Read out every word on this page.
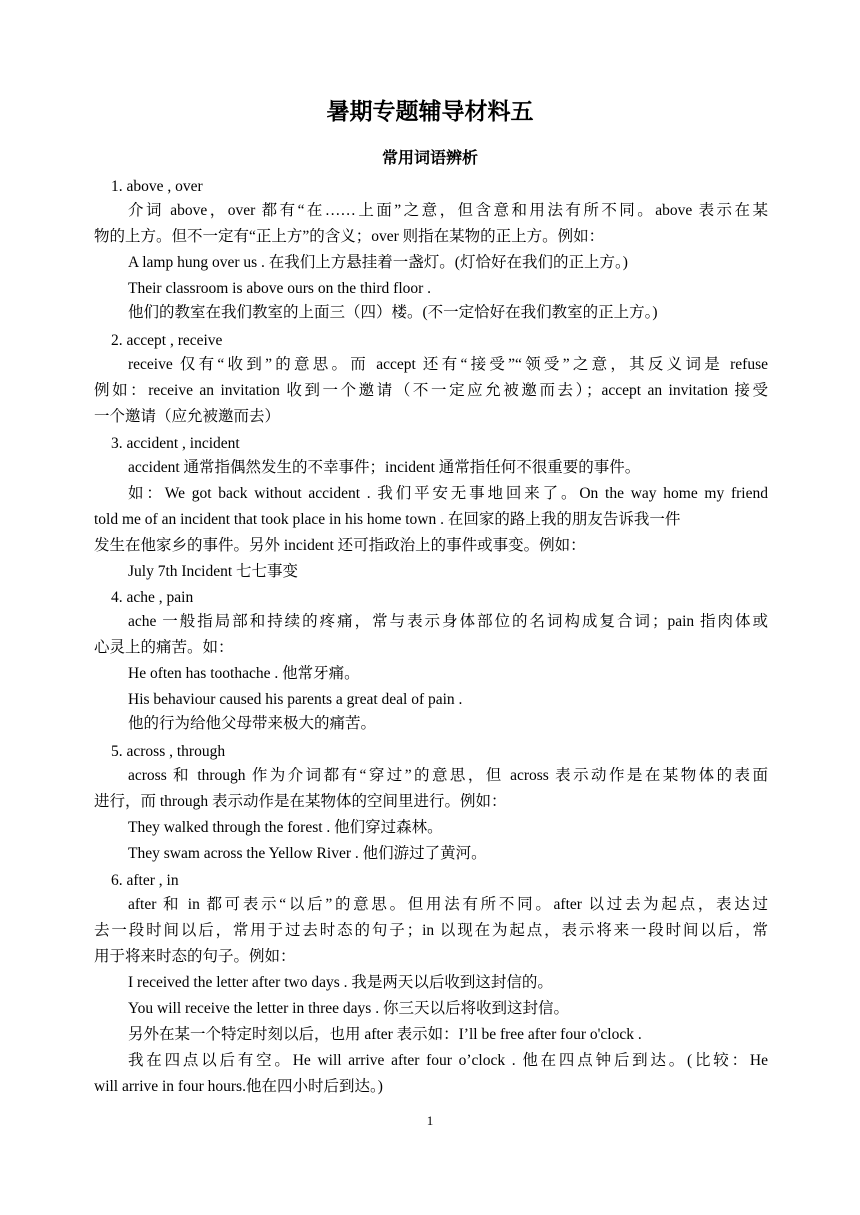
暑期专题辅导材料五
常用词语辨析
1. above , over
介词 above，over 都有“在……上面”之意，但含意和用法有所不同。above 表示在某
物的上方。但不一定有“正上方”的含义；over 则指在某物的正上方。例如：
A lamp hung over us . 在我们上方悬挂着一盏灯。(灯恰好在我们的正上方。)
Their classroom is above ours on the third floor .
他们的教室在我们教室的上面三（四）楼。(不一定恰好在我们教室的正上方。)
2. accept , receive
receive 仅有“收到”的意思。而 accept 还有“接受”“领受”之意，其反义词是 refuse
例如：receive an invitation 收到一个邀请（不一定应允被邀而去）；accept an invitation 接受
一个邀请（应允被邀而去）
3. accident , incident
accident 通常指偶然发生的不幸事件；incident 通常指任何不很重要的事件。
如：We got back without accident . 我们平安无事地回来了。On the way home my friend
told me of an incident that took place in his home town . 在回家的路上我的朋友告诉我一件
发生在他家乡的事件。另外 incident 还可指政治上的事件或事变。例如：
July 7th Incident 七七事变
4. ache , pain
ache 一般指局部和持续的疼痛，常与表示身体部位的名词构成复合词；pain 指肉体或
心灵上的痛苦。如：
He often has toothache . 他常牙痛。
His behaviour caused his parents a great deal of pain .
他的行为给他父母带来极大的痛苦。
5. across , through
across 和 through 作为介词都有“穿过”的意思，但 across 表示动作是在某物体的表面
进行，而 through 表示动作是在某物体的空间里进行。例如：
They walked through the forest . 他们穿过森林。
They swam across the Yellow River . 他们游过了黄河。
6. after , in
after 和 in 都可表示“以后”的意思。但用法有所不同。after 以过去为起点，表达过
去一段时间以后，常用于过去时态的句子；in 以现在为起点，表示将来一段时间以后，常
用于将来时态的句子。例如：
I received the letter after two days . 我是两天以后收到这封信的。
You will receive the letter in three days . 你三天以后将收到这封信。
另外在某一个特定时刻以后，也用 after 表示如：I’ll be free after four o'clock .
我在四点以后有空。He will arrive after four o’clock . 他在四点钟后到达。(比较：He
will arrive in four hours.他在四小时后到达。)
1
